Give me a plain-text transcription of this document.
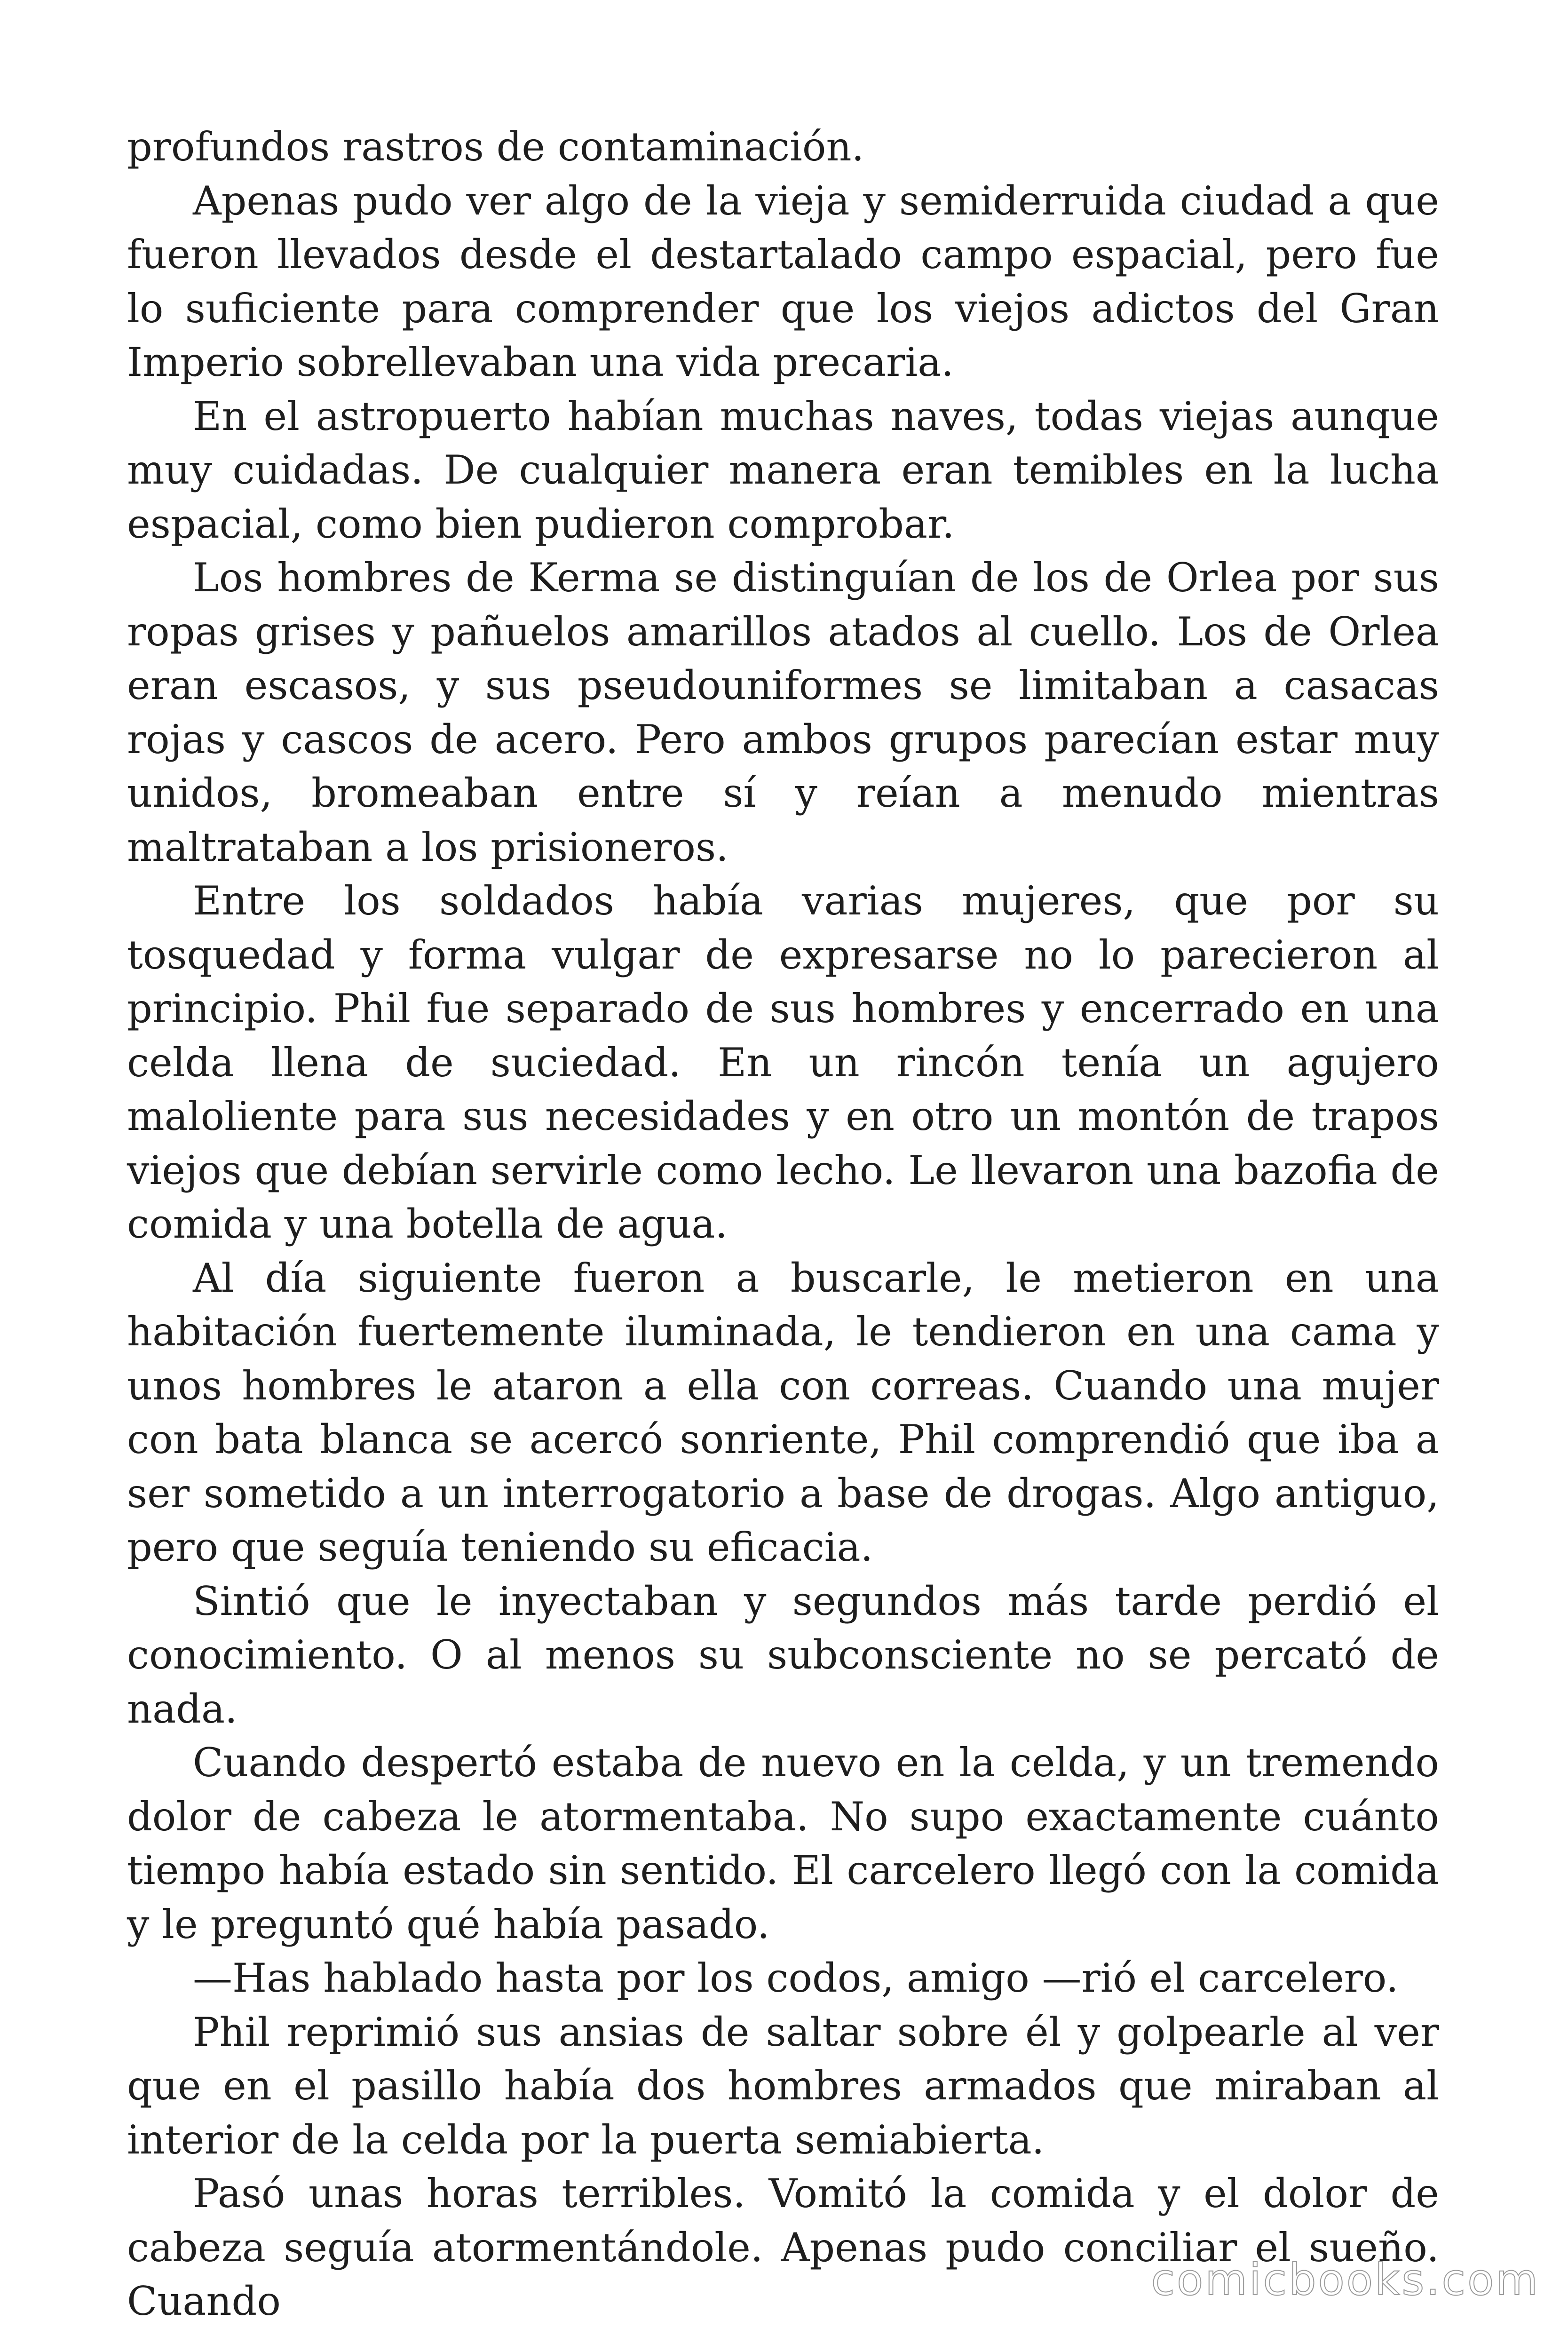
profundos rastros de contaminación.

Apenas pudo ver algo de la vieja y semiderruida ciudad a que fueron llevados desde el destartalado campo espacial, pero fue lo suficiente para comprender que los viejos adictos del Gran Imperio sobrellevaban una vida precaria.

En el astropuerto habían muchas naves, todas viejas aunque muy cuidadas. De cualquier manera eran temibles en la lucha espacial, como bien pudieron comprobar.

Los hombres de Kerma se distinguían de los de Orlea por sus ropas grises y pañuelos amarillos atados al cuello. Los de Orlea eran escasos, y sus pseudouniformes se limitaban a casacas rojas y cascos de acero. Pero ambos grupos parecían estar muy unidos, bromeaban entre sí y reían a menudo mientras maltrataban a los prisioneros.

Entre los soldados había varias mujeres, que por su tosquedad y forma vulgar de expresarse no lo parecieron al principio. Phil fue separado de sus hombres y encerrado en una celda llena de suciedad. En un rincón tenía un agujero maloliente para sus necesidades y en otro un montón de trapos viejos que debían servirle como lecho. Le llevaron una bazofia de comida y una botella de agua.

Al día siguiente fueron a buscarle, le metieron en una habitación fuertemente iluminada, le tendieron en una cama y unos hombres le ataron a ella con correas. Cuando una mujer con bata blanca se acercó sonriente, Phil comprendió que iba a ser sometido a un interrogatorio a base de drogas. Algo antiguo, pero que seguía teniendo su eficacia.

Sintió que le inyectaban y segundos más tarde perdió el conocimiento. O al menos su subconsciente no se percató de nada.

Cuando despertó estaba de nuevo en la celda, y un tremendo dolor de cabeza le atormentaba. No supo exactamente cuánto tiempo había estado sin sentido. El carcelero llegó con la comida y le preguntó qué había pasado.

—Has hablado hasta por los codos, amigo —rió el carcelero.

Phil reprimió sus ansias de saltar sobre él y golpearle al ver que en el pasillo había dos hombres armados que miraban al interior de la celda por la puerta semiabierta.

Pasó unas horas terribles. Vomitó la comida y el dolor de cabeza seguía atormentándole. Apenas pudo conciliar el sueño. Cuando	comicbooks.com
